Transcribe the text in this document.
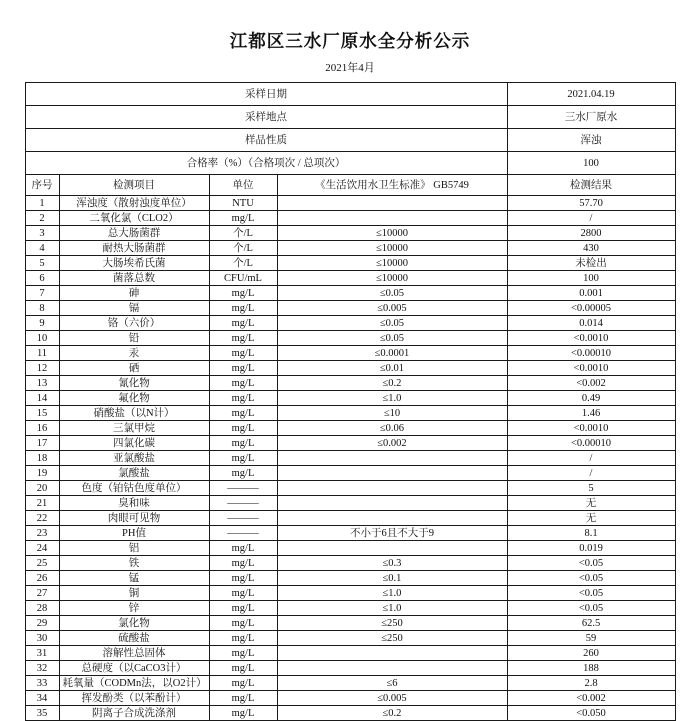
江都区三水厂原水全分析公示
2021年4月
采样日期				2021.04.19
采样地点				三水厂原水
样品性质				浑浊
合格率（%）（合格项次 / 总项次）				100
序号	检测项目	单位	《生活饮用水卫生标准》 GB5749	检测结果
1	浑浊度（散射浊度单位）	NTU		57.70
2	二氧化氯（CLO2）	mg/L		/
3	总大肠菌群	个/L	≤10000	2800
4	耐热大肠菌群	个/L	≤10000	430
5	大肠埃希氏菌	个/L	≤10000	未检出
6	菌落总数	CFU/mL	≤10000	100
7	砷	mg/L	≤0.05	0.001
8	镉	mg/L	≤0.005	<0.00005
9	铬（六价）	mg/L	≤0.05	0.014
10	铅	mg/L	≤0.05	<0.0010
11	汞	mg/L	≤0.0001	<0.00010
12	硒	mg/L	≤0.01	<0.0010
13	氰化物	mg/L	≤0.2	<0.002
14	氟化物	mg/L	≤1.0	0.49
15	硝酸盐（以N计）	mg/L	≤10	1.46
16	三氯甲烷	mg/L	≤0.06	<0.0010
17	四氯化碳	mg/L	≤0.002	<0.00010
18	亚氯酸盐	mg/L		/
19	氯酸盐	mg/L		/
20	色度（铂钴色度单位）	———		5
21	臭和味	———		无
22	肉眼可见物	———		无
23	PH值	———	不小于6且不大于9	8.1
24	铝	mg/L		0.019
25	铁	mg/L	≤0.3	<0.05
26	锰	mg/L	≤0.1	<0.05
27	铜	mg/L	≤1.0	<0.05
28	锌	mg/L	≤1.0	<0.05
29	氯化物	mg/L	≤250	62.5
30	硫酸盐	mg/L	≤250	59
31	溶解性总固体	mg/L		260
32	总硬度（以CaCO3计）	mg/L		188
33	耗氧量（CODMn法，以O2计）	mg/L	≤6	2.8
34	挥发酚类（以苯酚计）	mg/L	≤0.005	<0.002
35	阴离子合成洗涤剂	mg/L	≤0.2	<0.050
